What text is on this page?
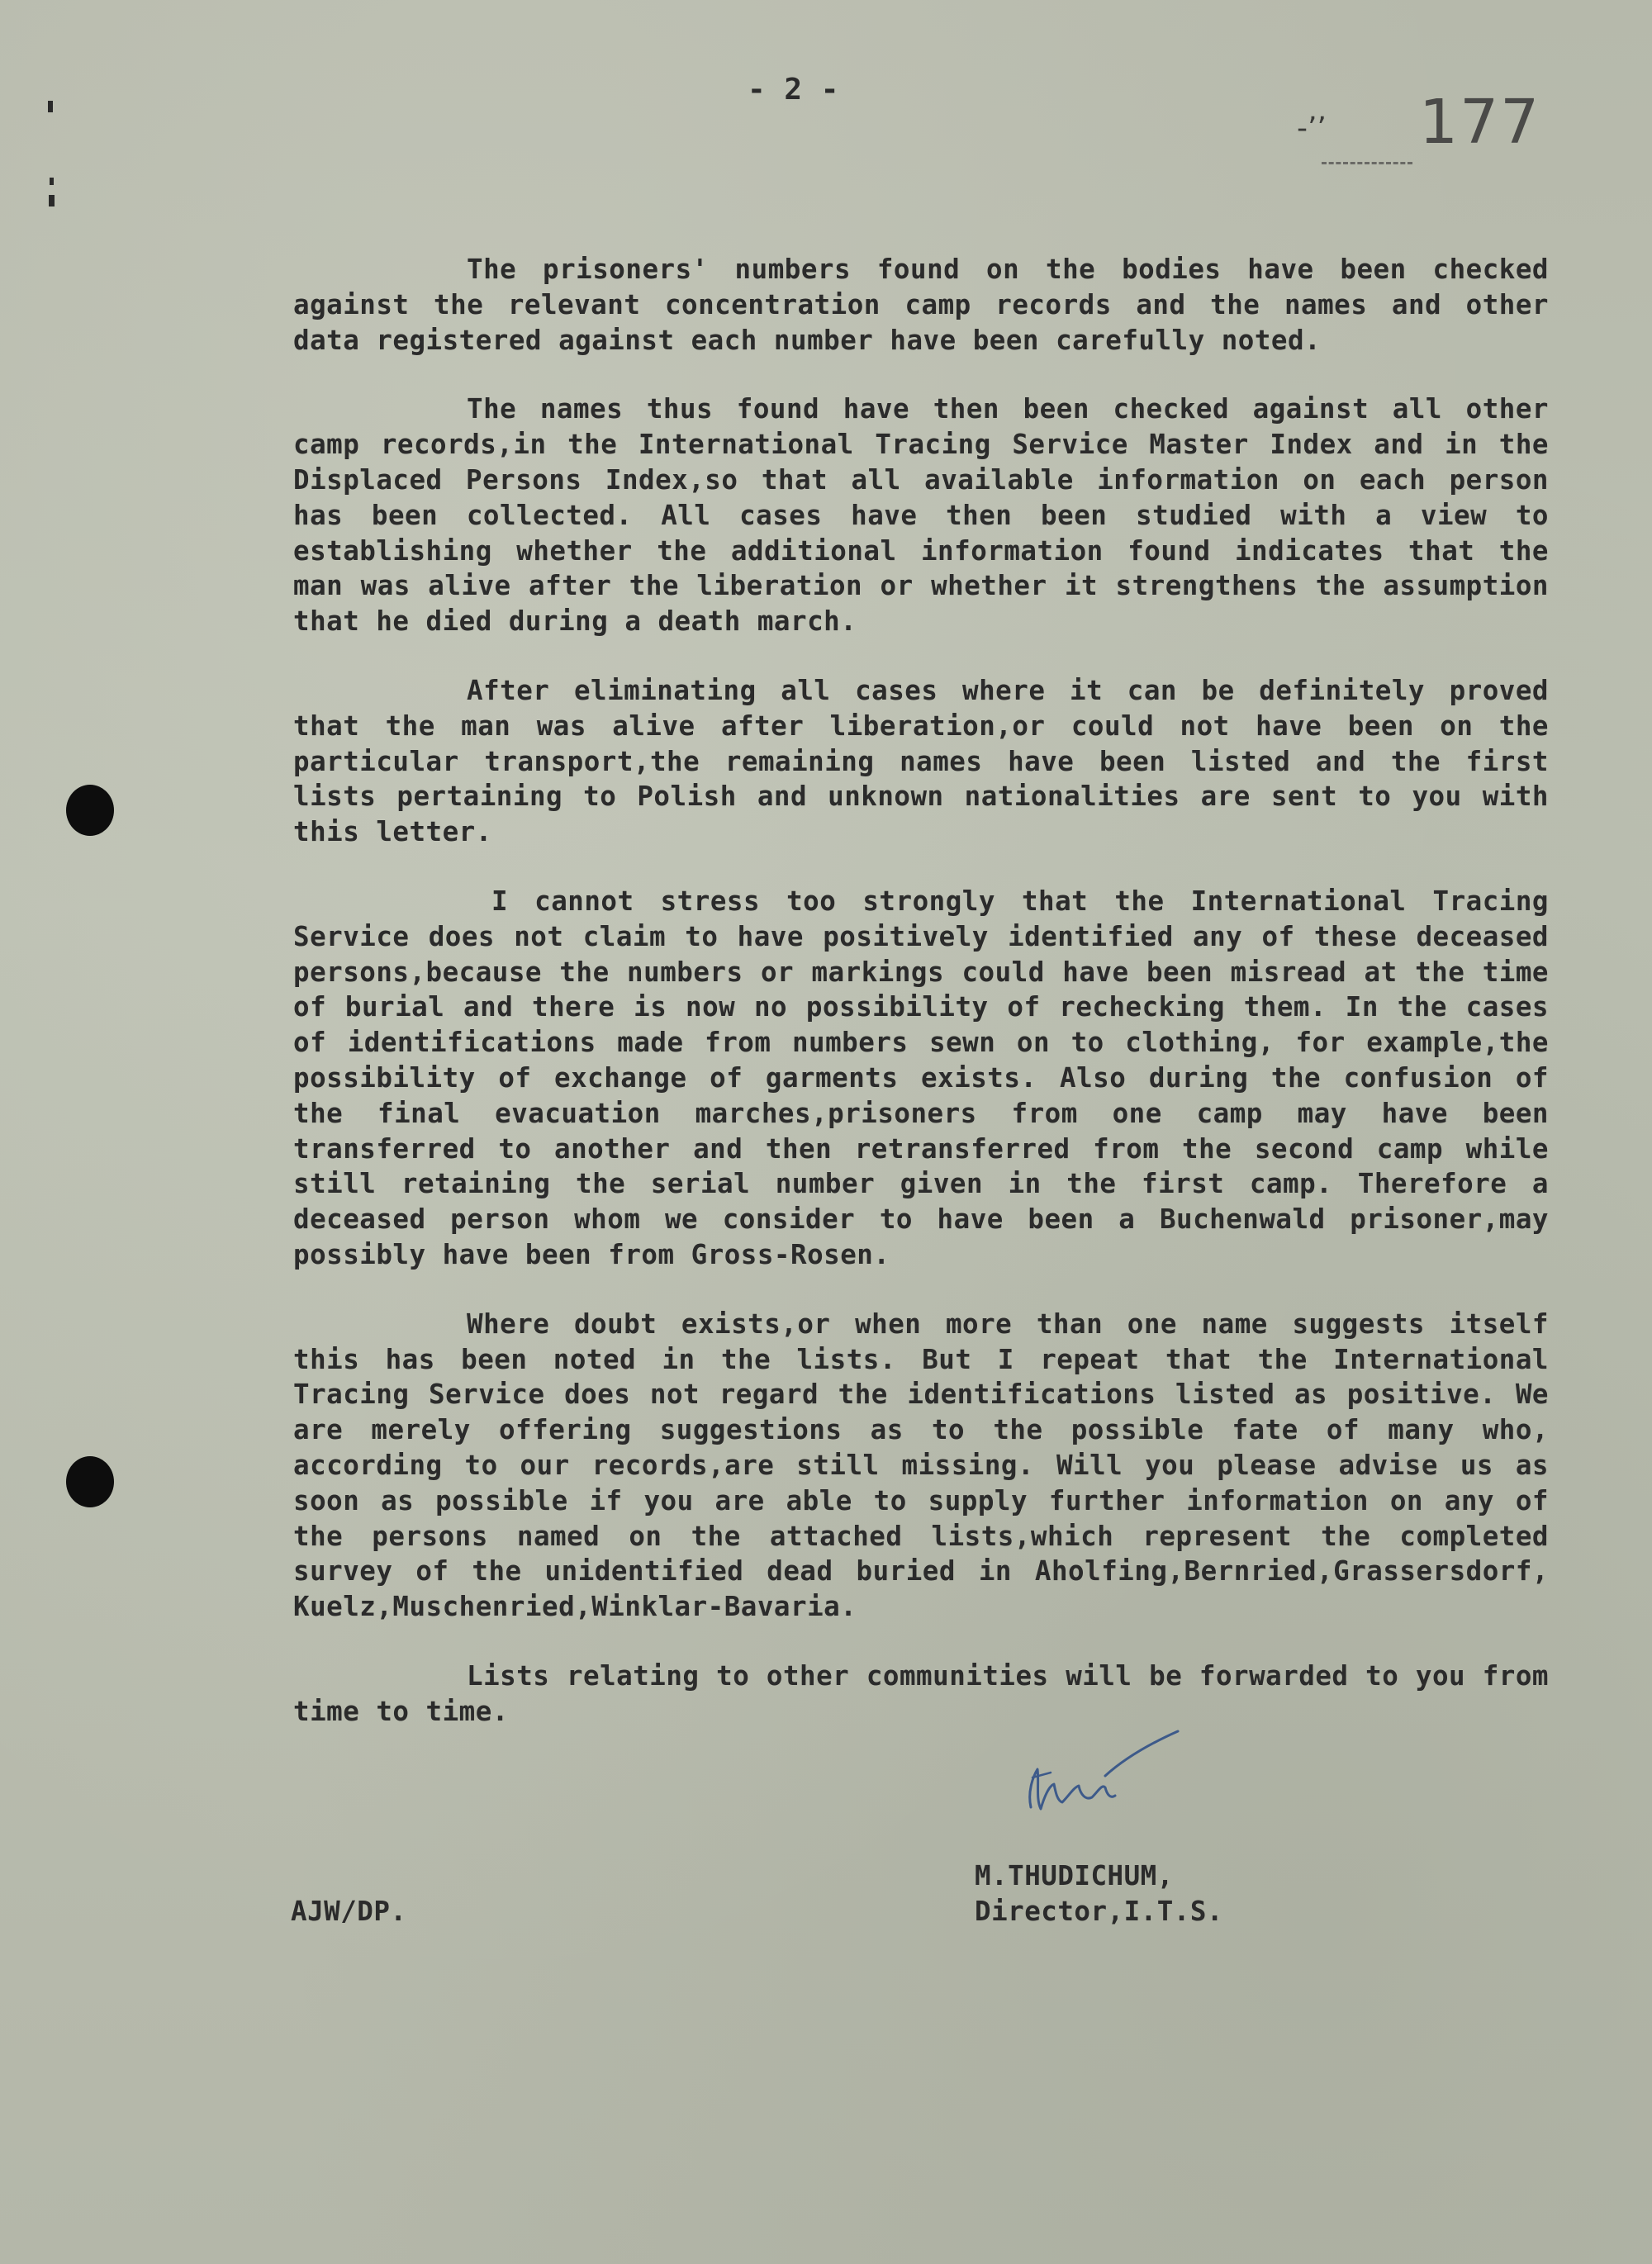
- 2 -
-’’ 177

The prisoners' numbers found on the bodies have been checked against the relevant concentration camp records and the names and other data registered against each number have been carefully noted.

The names thus found have then been checked against all other camp records,in the International Tracing Service Master Index and in the Displaced Persons Index,so that all available information on each person has been collected. All cases have then been studied with a view to establishing whether the additional information found indicates that the man was alive after the liberation or whether it strengthens the assumption that he died during a death march.

After eliminating all cases where it can be definitely proved that the man was alive after liberation,or could not have been on the particular transport,the remaining names have been listed and the first lists pertaining to Polish and unknown nationalities are sent to you with this letter.

I cannot stress too strongly that the International Tracing Service does not claim to have positively identified any of these deceased persons,because the numbers or markings could have been misread at the time of burial and there is now no possibility of rechecking them. In the cases of identifications made from numbers sewn on to clothing, for example,the possibility of exchange of garments exists. Also during the confusion of the final evacuation marches,prisoners from one camp may have been transferred to another and then retransferred from the second camp while still retaining the serial number given in the first camp. Therefore a deceased person whom we consider to have been a Buchenwald prisoner,may possibly have been from Gross-Rosen.

Where doubt exists,or when more than one name suggests itself this has been noted in the lists. But I repeat that the International Tracing Service does not regard the identifications listed as positive. We are merely offering suggestions as to the possible fate of many who, according to our records,are still missing. Will you please advise us as soon as possible if you are able to supply further information on any of the persons named on the attached lists,which represent the completed survey of the unidentified dead buried in Aholfing,Bernried,Grassersdorf, Kuelz,Muschenried,Winklar-Bavaria.

Lists relating to other communities will be forwarded to you from time to time.

M.THUDICHUM,
Director,I.T.S.
AJW/DP.
